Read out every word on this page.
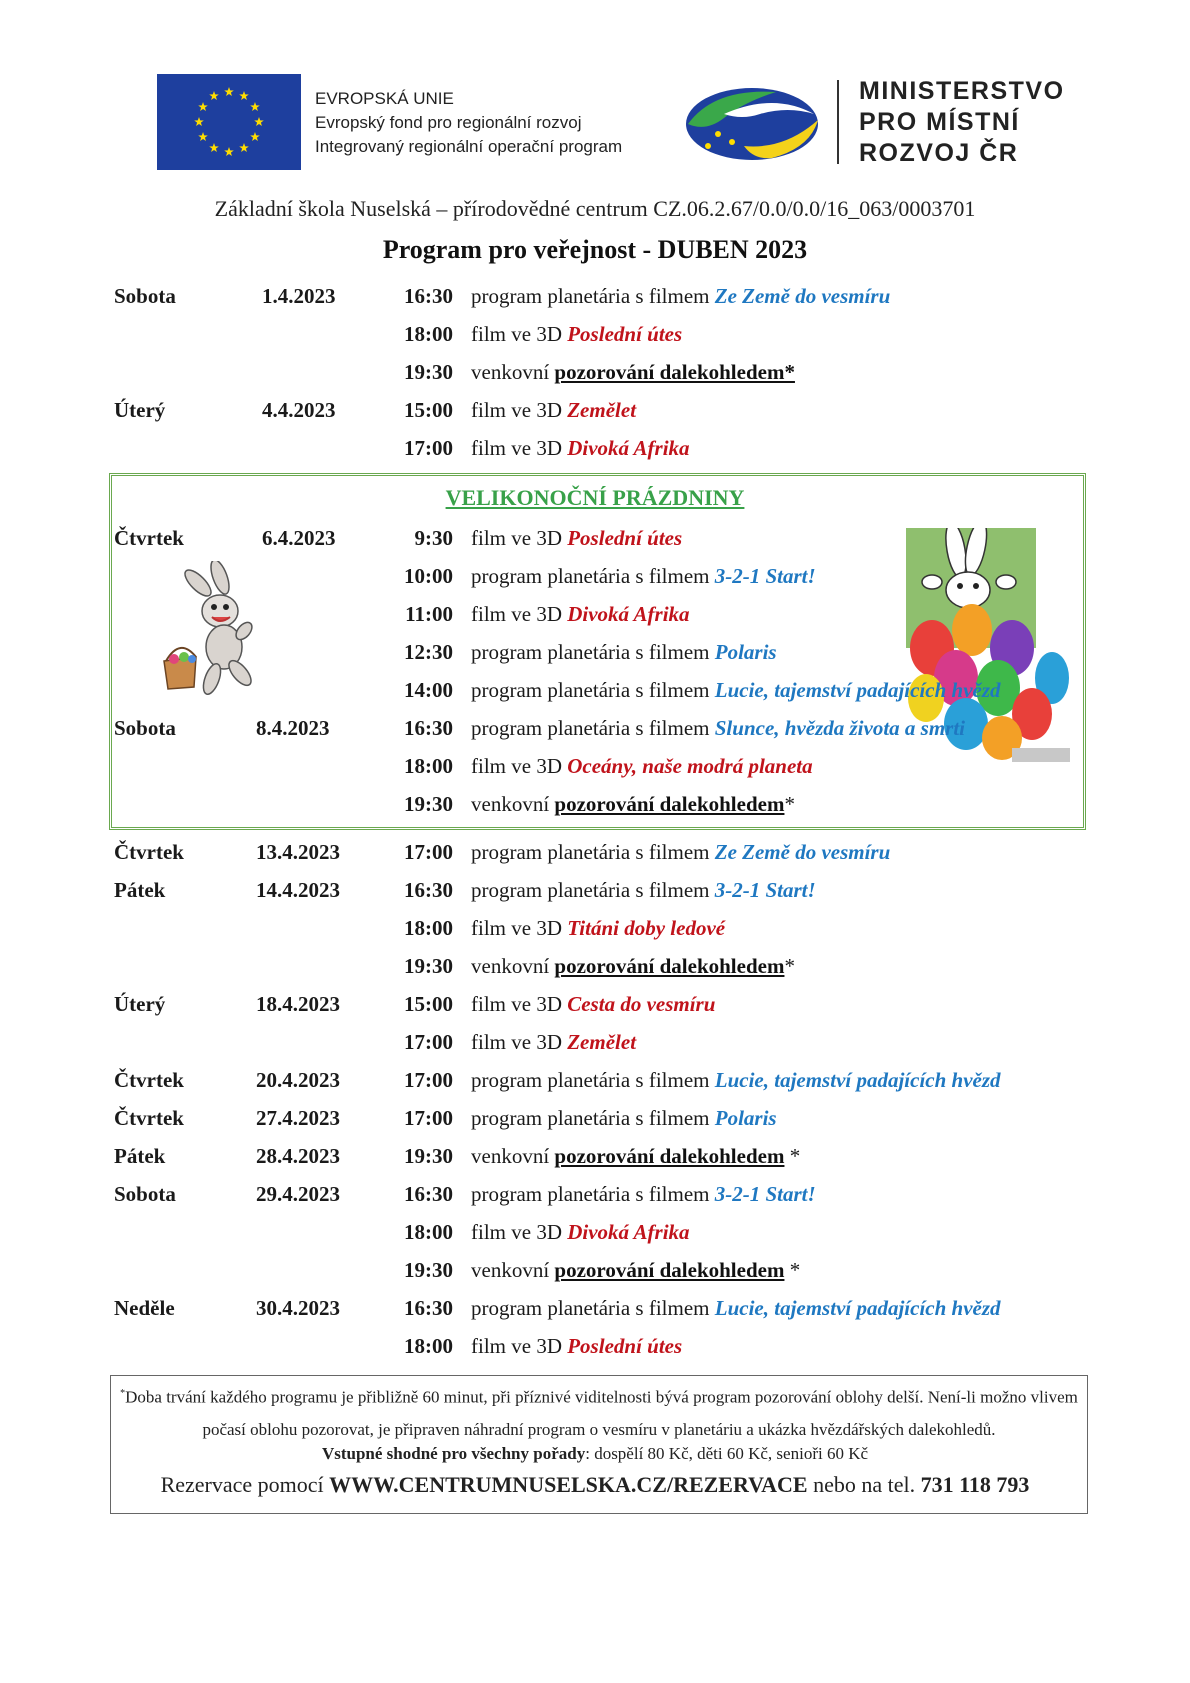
EVROPSKÁ UNIE
Evropský fond pro regionální rozvoj
Integrovaný regionální operační program
MINISTERSTVO
PRO MÍSTNÍ
ROZVOJ ČR
Základní škola Nuselská – přírodovědné centrum CZ.06.2.67/0.0/0.0/16_063/0003701
Program pro veřejnost - DUBEN 2023
VELIKONOČNÍ PRÁZDNINY
Sobota	1.4.2023	16:30 program planetária s filmem Ze Země do vesmíru
18:00 film ve 3D Poslední útes
19:30 venkovní pozorování dalekohledem*
Úterý	4.4.2023	15:00 film ve 3D Zemělet
17:00 film ve 3D Divoká Afrika
Čtvrtek	6.4.2023	9:30 film ve 3D Poslední útes
10:00 program planetária s filmem 3-2-1 Start!
11:00 film ve 3D Divoká Afrika
12:30 program planetária s filmem Polaris
14:00 program planetária s filmem Lucie, tajemství padajících hvězd
Sobota	8.4.2023	16:30 program planetária s filmem Slunce, hvězda života a smrti
18:00 film ve 3D Oceány, naše modrá planeta
19:30 venkovní pozorování dalekohledem*
Čtvrtek	13.4.2023	17:00 program planetária s filmem Ze Země do vesmíru
Pátek	14.4.2023	16:30 program planetária s filmem 3-2-1 Start!
18:00 film ve 3D Titáni doby ledové
19:30 venkovní pozorování dalekohledem*
Úterý	18.4.2023	15:00 film ve 3D Cesta do vesmíru
17:00 film ve 3D Zemělet
Čtvrtek	20.4.2023	17:00 program planetária s filmem Lucie, tajemství padajících hvězd
Čtvrtek	27.4.2023	17:00 program planetária s filmem Polaris
Pátek	28.4.2023	19:30 venkovní pozorování dalekohledem *
Sobota	29.4.2023	16:30 program planetária s filmem 3-2-1 Start!
18:00 film ve 3D Divoká Afrika
19:30 venkovní pozorování dalekohledem *
Neděle	30.4.2023	16:30 program planetária s filmem Lucie, tajemství padajících hvězd
18:00 film ve 3D Poslední útes
*Doba trvání každého programu je přibližně 60 minut, při příznivé viditelnosti bývá program pozorování oblohy delší. Není-li možno vlivem počasí oblohu pozorovat, je připraven náhradní program o vesmíru v planetáriu a ukázka hvězdářských dalekohledů.
Vstupné shodné pro všechny pořady: dospělí 80 Kč, děti 60 Kč, senioři 60 Kč
Rezervace pomocí WWW.CENTRUMNUSELSKA.CZ/REZERVACE nebo na tel. 731 118 793
